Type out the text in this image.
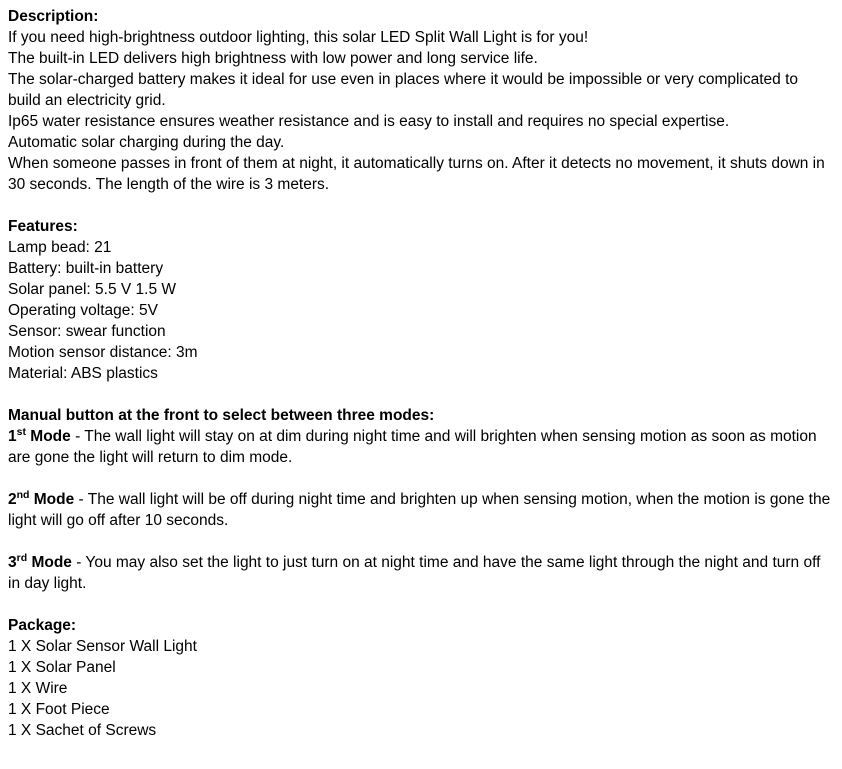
Description:

If you need high-brightness outdoor lighting, this solar LED Split Wall Light is for you!

The built-in LED delivers high brightness with low power and long service life.

The solar-charged battery makes it ideal for use even in places where it would be impossible or very complicated to build an electricity grid.

Ip65 water resistance ensures weather resistance and is easy to install and requires no special expertise.

Automatic solar charging during the day.

When someone passes in front of them at night, it automatically turns on. After it detects no movement, it shuts down in 30 seconds. The length of the wire is 3 meters.

Features:

Lamp bead: 21

Battery: built-in battery

Solar panel: 5.5 V 1.5 W

Operating voltage: 5V

Sensor: swear function

Motion sensor distance: 3m

Material: ABS plastics

Manual button at the front to select between three modes:

1st Mode - The wall light will stay on at dim during night time and will brighten when sensing motion as soon as motion are gone the light will return to dim mode.

2nd Mode - The wall light will be off during night time and brighten up when sensing motion, when the motion is gone the light will go off after 10 seconds.

3rd Mode - You may also set the light to just turn on at night time and have the same light through the night and turn off in day light.

Package:

1 X Solar Sensor Wall Light

1 X Solar Panel

1 X Wire

1 X Foot Piece

1 X Sachet of Screws
